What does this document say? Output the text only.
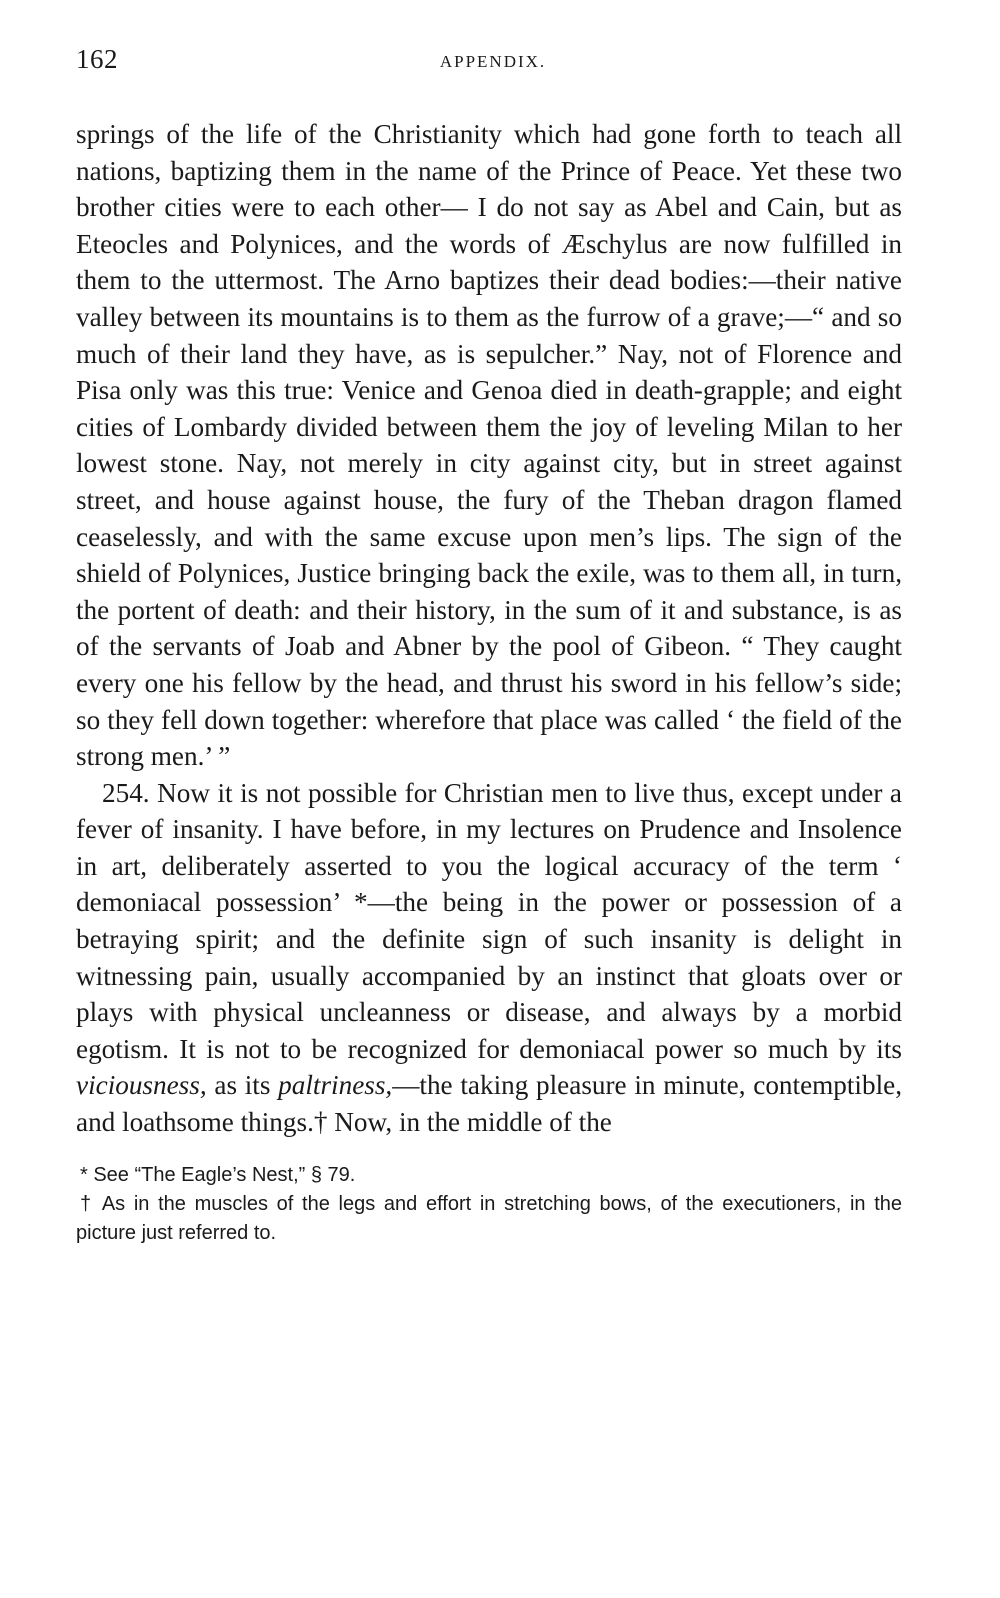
162	APPENDIX.

springs of the life of the Christianity which had gone forth to teach all nations, baptizing them in the name of the Prince of Peace. Yet these two brother cities were to each other— I do not say as Abel and Cain, but as Eteocles and Polynices, and the words of Æschylus are now fulfilled in them to the uttermost. The Arno baptizes their dead bodies:—their native valley between its mountains is to them as the furrow of a grave;—“ and so much of their land they have, as is sepulcher.” Nay, not of Florence and Pisa only was this true: Venice and Genoa died in death-grapple; and eight cities of Lombardy divided between them the joy of leveling Milan to her lowest stone. Nay, not merely in city against city, but in street against street, and house against house, the fury of the Theban dragon flamed ceaselessly, and with the same excuse upon men’s lips. The sign of the shield of Polynices, Justice bringing back the exile, was to them all, in turn, the portent of death: and their history, in the sum of it and substance, is as of the servants of Joab and Abner by the pool of Gibeon. “ They caught every one his fellow by the head, and thrust his sword in his fellow’s side; so they fell down together: wherefore that place was called ‘ the field of the strong men.’ ”

254. Now it is not possible for Christian men to live thus, except under a fever of insanity. I have before, in my lectures on Prudence and Insolence in art, deliberately asserted to you the logical accuracy of the term ‘ demoniacal possession’ *—the being in the power or possession of a betraying spirit; and the definite sign of such insanity is delight in witnessing pain, usually accompanied by an instinct that gloats over or plays with physical uncleanness or disease, and always by a morbid egotism. It is not to be recognized for demoniacal power so much by its viciousness, as its paltriness,—the taking pleasure in minute, contemptible, and loathsome things.† Now, in the middle of the

* See “The Eagle’s Nest,” § 79.

† As in the muscles of the legs and effort in stretching bows, of the executioners, in the picture just referred to.
